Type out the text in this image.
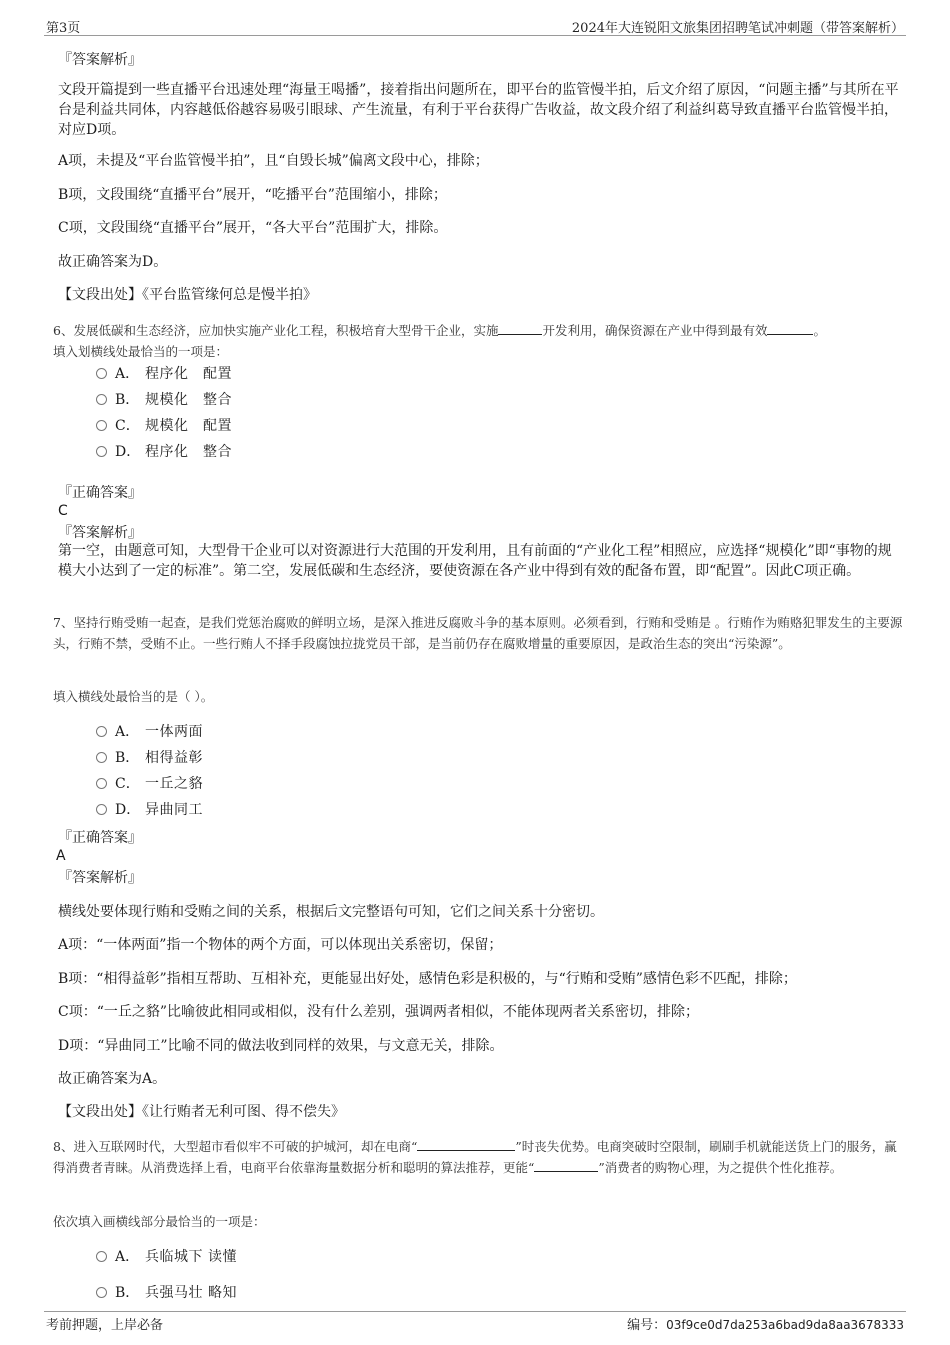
第3页	2024年大连锐阳文旅集团招聘笔试冲刺题（带答案解析）
『答案解析』
文段开篇提到一些直播平台迅速处理“海量王喝播”，接着指出问题所在，即平台的监管慢半拍，后文介绍了原因，“问题主播”与其所在平台是利益共同体，内容越低俗越容易吸引眼球、产生流量，有利于平台获得广告收益，故文段介绍了利益纠葛导致直播平台监管慢半拍，对应D项。
A项，未提及“平台监管慢半拍”，且“自毁长城”偏离文段中心，排除；
B项，文段围绕“直播平台”展开，“吃播平台”范围缩小，排除；
C项，文段围绕“直播平台”展开，“各大平台”范围扩大，排除。
故正确答案为D。
【文段出处】《平台监管缘何总是慢半拍》
6、发展低碳和生态经济，应加快实施产业化工程，积极培育大型骨干企业，实施	开发利用，确保资源在产业中得到最有效	。
填入划横线处最恰当的一项是：
A． 程序化　配置
B． 规模化　整合
C． 规模化　配置
D． 程序化　整合
『正确答案』
C
『答案解析』
第一空，由题意可知，大型骨干企业可以对资源进行大范围的开发利用，且有前面的“产业化工程”相照应，应选择“规模化”即“事物的规模大小达到了一定的标准”。第二空，发展低碳和生态经济，要使资源在各产业中得到有效的配备布置，即“配置”。因此C项正确。
7、坚持行贿受贿一起查，是我们党惩治腐败的鲜明立场，是深入推进反腐败斗争的基本原则。必须看到，行贿和受贿是 。行贿作为贿赂犯罪发生的主要源头，行贿不禁，受贿不止。一些行贿人不择手段腐蚀拉拢党员干部，是当前仍存在腐败增量的重要原因，是政治生态的突出“污染源”。
填入横线处最恰当的是（ ）。
A． 一体两面
B． 相得益彰
C． 一丘之貉
D． 异曲同工
『正确答案』
A
『答案解析』
横线处要体现行贿和受贿之间的关系，根据后文完整语句可知，它们之间关系十分密切。
A项：“一体两面”指一个物体的两个方面，可以体现出关系密切，保留；
B项：“相得益彰”指相互帮助、互相补充，更能显出好处，感情色彩是积极的，与“行贿和受贿”感情色彩不匹配，排除；
C项：“一丘之貉”比喻彼此相同或相似，没有什么差别，强调两者相似，不能体现两者关系密切，排除；
D项：“异曲同工”比喻不同的做法收到同样的效果，与文意无关，排除。
故正确答案为A。
【文段出处】《让行贿者无利可图、得不偿失》
8、进入互联网时代，大型超市看似牢不可破的护城河，却在电商“	”时丧失优势。电商突破时空限制，刷刷手机就能送货上门的服务，赢得消费者青睐。从消费选择上看，电商平台依靠海量数据分析和聪明的算法推荐，更能“	”消费者的购物心理，为之提供个性化推荐。
依次填入画横线部分最恰当的一项是：
A． 兵临城下 读懂
B． 兵强马壮 略知
考前押题，上岸必备	编号：03f9ce0d7da253a6bad9da8aa3678333
